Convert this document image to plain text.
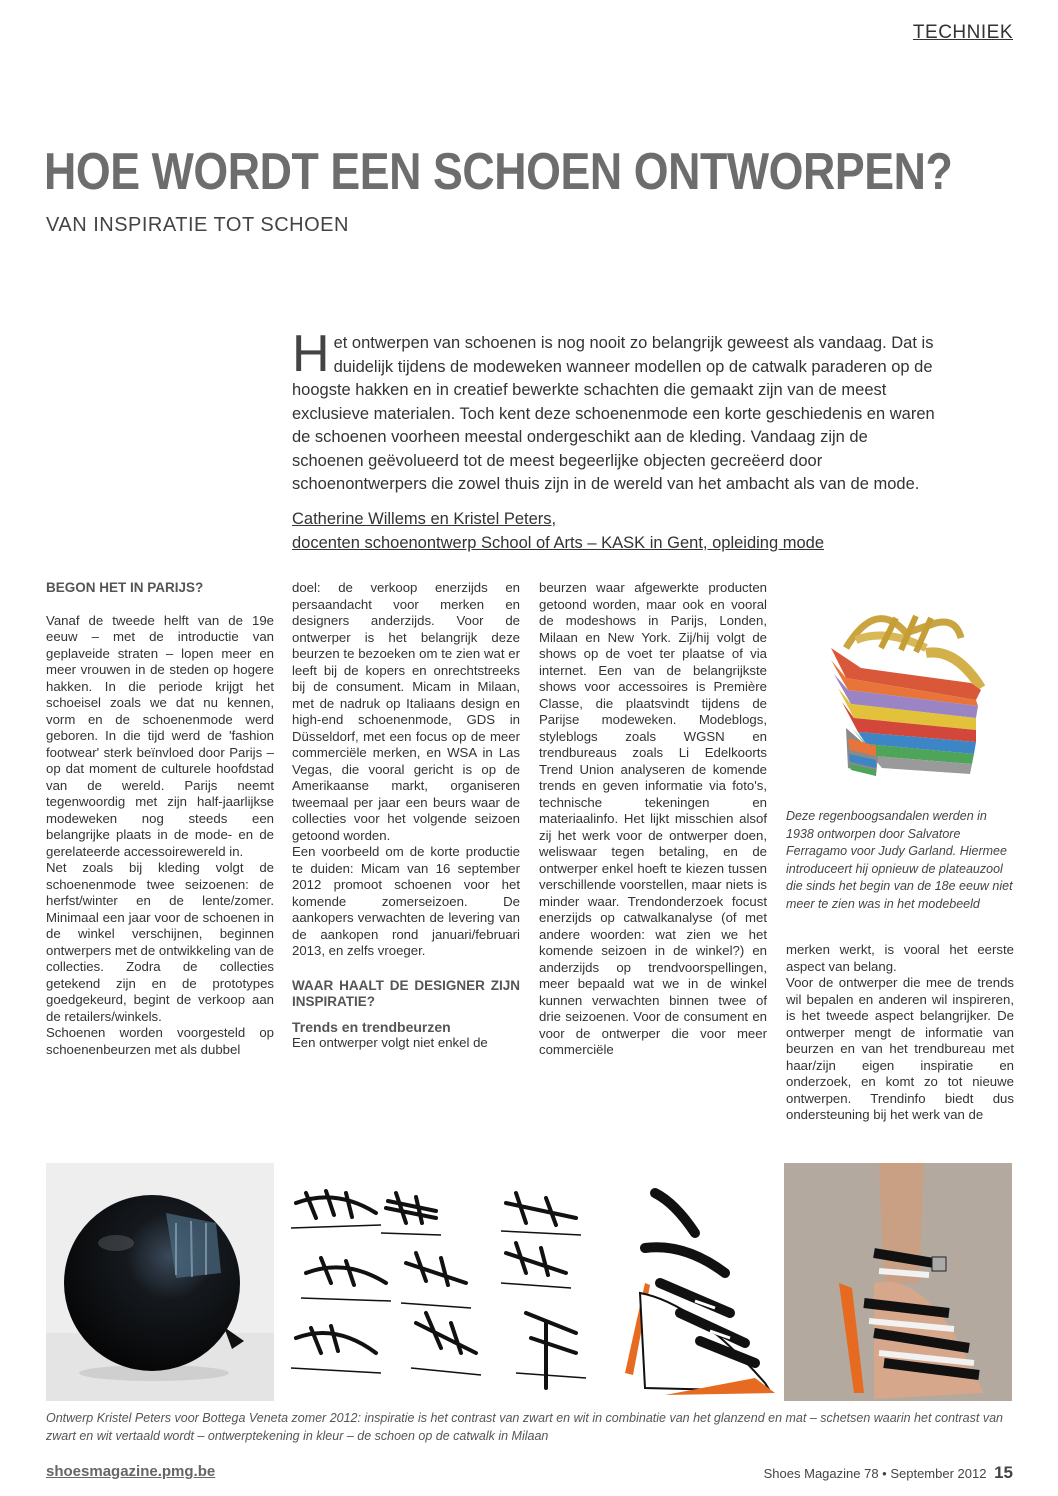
TECHNIEK
HOE WORDT EEN SCHOEN ONTWORPEN?
VAN INSPIRATIE TOT SCHOEN
H et ontwerpen van schoenen is nog nooit zo belangrijk geweest als vandaag. Dat is
duidelijk tijdens de modeweken wanneer modellen op de catwalk paraderen op de
hoogste hakken en in creatief bewerkte schachten die gemaakt zijn van de meest
exclusieve materialen. Toch kent deze schoenenmode een korte geschiedenis en waren
de schoenen voorheen meestal ondergeschikt aan de kleding. Vandaag zijn de
schoenen geëvolueerd tot de meest begeerlijke objecten gecreëerd door
schoenontwerpers die zowel thuis zijn in de wereld van het ambacht als van de mode.
Catherine Willems en Kristel Peters,
docenten schoenontwerp School of Arts – KASK in Gent, opleiding mode
BEGON HET IN PARIJS?

Vanaf de tweede helft van de 19e eeuw – met de introductie van geplaveide straten – lopen meer en meer vrouwen in de steden op hogere hakken. In die periode krijgt het schoeisel zoals we dat nu kennen, vorm en de schoenenmode werd geboren. In die tijd werd de 'fashion footwear' sterk beïnvloed door Parijs – op dat moment de culturele hoofdstad van de wereld. Parijs neemt tegenwoordig met zijn half-jaarlijkse modeweken nog steeds een belangrijke plaats in de mode- en de gerelateerde accessoirewereld in.

Net zoals bij kleding volgt de schoenenmode twee seizoenen: de herfst/winter en de lente/zomer. Minimaal een jaar voor de schoenen in de winkel verschijnen, beginnen ontwerpers met de ontwikkeling van de collecties. Zodra de collecties getekend zijn en de prototypes goedgekeurd, begint de verkoop aan de retailers/winkels.

Schoenen worden voorgesteld op schoenenbeurzen met als dubbel

doel: de verkoop enerzijds en persaandacht voor merken en designers anderzijds. Voor de ontwerper is het belangrijk deze beurzen te bezoeken om te zien wat er leeft bij de kopers en onrechtstreeks bij de consument. Micam in Milaan, met de nadruk op Italiaans design en high-end schoenenmode, GDS in Düsseldorf, met een focus op de meer commerciële merken, en WSA in Las Vegas, die vooral gericht is op de Amerikaanse markt, organiseren tweemaal per jaar een beurs waar de collecties voor het volgende seizoen getoond worden.

Een voorbeeld om de korte productie te duiden: Micam van 16 september 2012 promoot schoenen voor het komende zomerseizoen. De aankopers verwachten de levering van de aankopen rond januari/februari 2013, en zelfs vroeger.

WAAR HAALT DE DESIGNER ZIJN INSPIRATIE?
Trends en trendbeurzen

Een ontwerper volgt niet enkel de

beurzen waar afgewerkte producten getoond worden, maar ook en vooral de modeshows in Parijs, Londen, Milaan en New York. Zij/hij volgt de shows op de voet ter plaatse of via internet. Een van de belangrijkste shows voor accessoires is Première Classe, die plaatsvindt tijdens de Parijse modeweken. Modeblogs, styleblogs zoals WGSN en trendbureaus zoals Li Edelkoorts Trend Union analyseren de komende trends en geven informatie via foto's, technische tekeningen en materiaalinfo. Het lijkt misschien alsof zij het werk voor de ontwerper doen, weliswaar tegen betaling, en de ontwerper enkel hoeft te kiezen tussen verschillende voorstellen, maar niets is minder waar. Trendonderzoek focust enerzijds op catwalkanalyse (of met andere woorden: wat zien we het komende seizoen in de winkel?) en anderzijds op trendvoorspellingen, meer bepaald wat we in de winkel kunnen verwachten binnen twee of drie seizoenen. Voor de consument en voor de ontwerper die voor meer commerciële

Deze regenboogsandalen werden in 1938 ontworpen door Salvatore Ferragamo voor Judy Garland. Hiermee introduceert hij opnieuw de plateauzool die sinds het begin van de 18e eeuw niet meer te zien was in het modebeeld

merken werkt, is vooral het eerste aspect van belang.

Voor de ontwerper die mee de trends wil bepalen en anderen wil inspireren, is het tweede aspect belangrijker. De ontwerper mengt de informatie van beurzen en van het trendbureau met haar/zijn eigen inspiratie en onderzoek, en komt zo tot nieuwe ontwerpen. Trendinfo biedt dus ondersteuning bij het werk van de

Ontwerp Kristel Peters voor Bottega Veneta zomer 2012: inspiratie is het contrast van zwart en wit in combinatie van het glanzend en mat – schetsen waarin het contrast van zwart en wit vertaald wordt – ontwerptekening in kleur – de schoen op de catwalk in Milaan
shoesmagazine.pmg.be	Shoes Magazine 78 • September 2012 15
